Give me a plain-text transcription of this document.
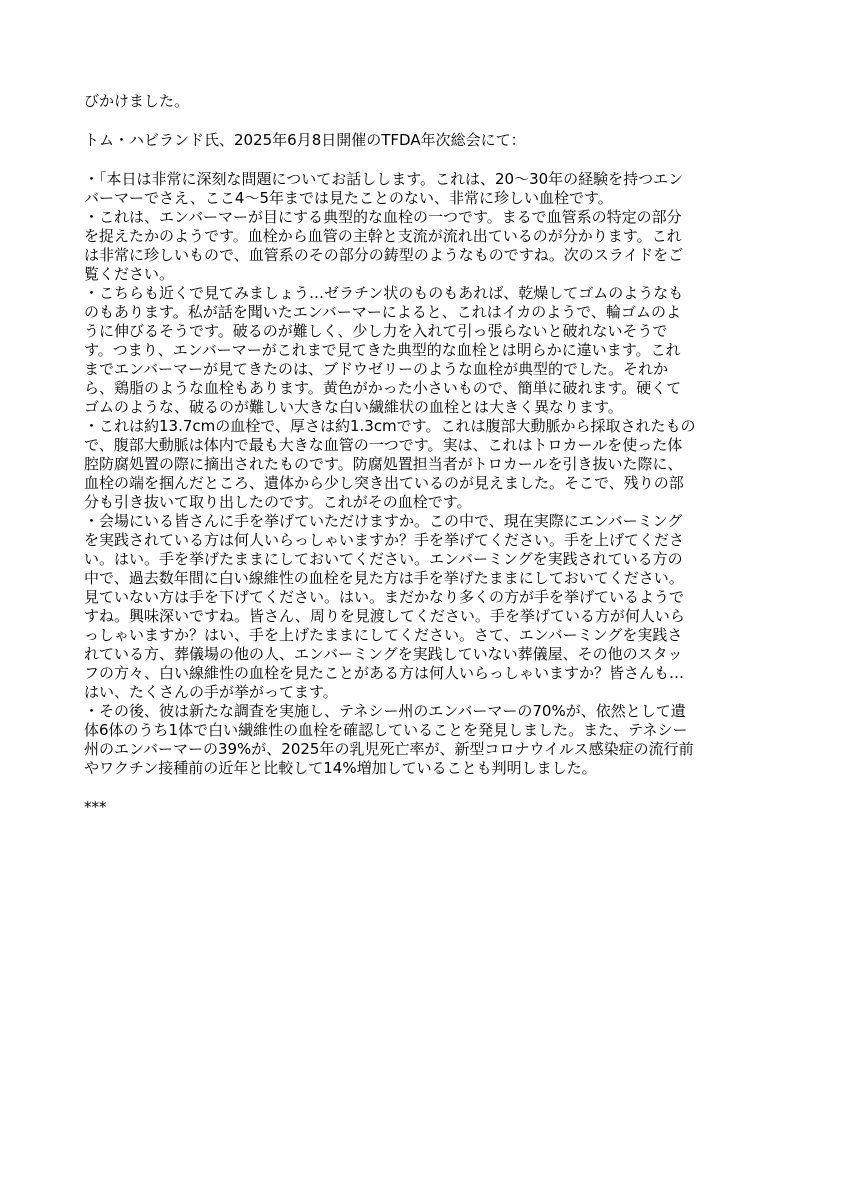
びかけました。
トム・ハビランド氏、2025年6月8日開催のTFDA年次総会にて：
・「本日は非常に深刻な問題についてお話しします。これは、20～30年の経験を持つエン
バーマーでさえ、ここ4～5年までは見たことのない、非常に珍しい血栓です。
・これは、エンバーマーが目にする典型的な血栓の一つです。まるで血管系の特定の部分
を捉えたかのようです。血栓から血管の主幹と支流が流れ出ているのが分かります。これ
は非常に珍しいもので、血管系のその部分の鋳型のようなものですね。次のスライドをご
覧ください。
・こちらも近くで見てみましょう…ゼラチン状のものもあれば、乾燥してゴムのようなも
のもあります。私が話を聞いたエンバーマーによると、これはイカのようで、輪ゴムのよ
うに伸びるそうです。破るのが難しく、少し力を入れて引っ張らないと破れないそうで
す。つまり、エンバーマーがこれまで見てきた典型的な血栓とは明らかに違います。これ
までエンバーマーが見てきたのは、ブドウゼリーのような血栓が典型的でした。それか
ら、鶏脂のような血栓もあります。黄色がかった小さいもので、簡単に破れます。硬くて
ゴムのような、破るのが難しい大きな白い繊維状の血栓とは大きく異なります。
・これは約13.7cmの血栓で、厚さは約1.3cmです。これは腹部大動脈から採取されたもの
で、腹部大動脈は体内で最も大きな血管の一つです。実は、これはトロカールを使った体
腔防腐処置の際に摘出されたものです。防腐処置担当者がトロカールを引き抜いた際に、
血栓の端を掴んだところ、遺体から少し突き出ているのが見えました。そこで、残りの部
分も引き抜いて取り出したのです。これがその血栓です。
・会場にいる皆さんに手を挙げていただけますか。この中で、現在実際にエンバーミング
を実践されている方は何人いらっしゃいますか？手を挙げてください。手を上げてくださ
い。はい。手を挙げたままにしておいてください。エンバーミングを実践されている方の
中で、過去数年間に白い線維性の血栓を見た方は手を挙げたままにしておいてください。
見ていない方は手を下げてください。はい。まだかなり多くの方が手を挙げているようで
すね。興味深いですね。皆さん、周りを見渡してください。手を挙げている方が何人いら
っしゃいますか？はい、手を上げたままにしてください。さて、エンバーミングを実践さ
れている方、葬儀場の他の人、エンバーミングを実践していない葬儀屋、その他のスタッ
フの方々、白い線維性の血栓を見たことがある方は何人いらっしゃいますか？皆さんも…
はい、たくさんの手が挙がってます。
・その後、彼は新たな調査を実施し、テネシー州のエンバーマーの70%が、依然として遺
体6体のうち1体で白い繊維性の血栓を確認していることを発見しました。また、テネシー
州のエンバーマーの39%が、2025年の乳児死亡率が、新型コロナウイルス感染症の流行前
やワクチン接種前の近年と比較して14%増加していることも判明しました。
***
